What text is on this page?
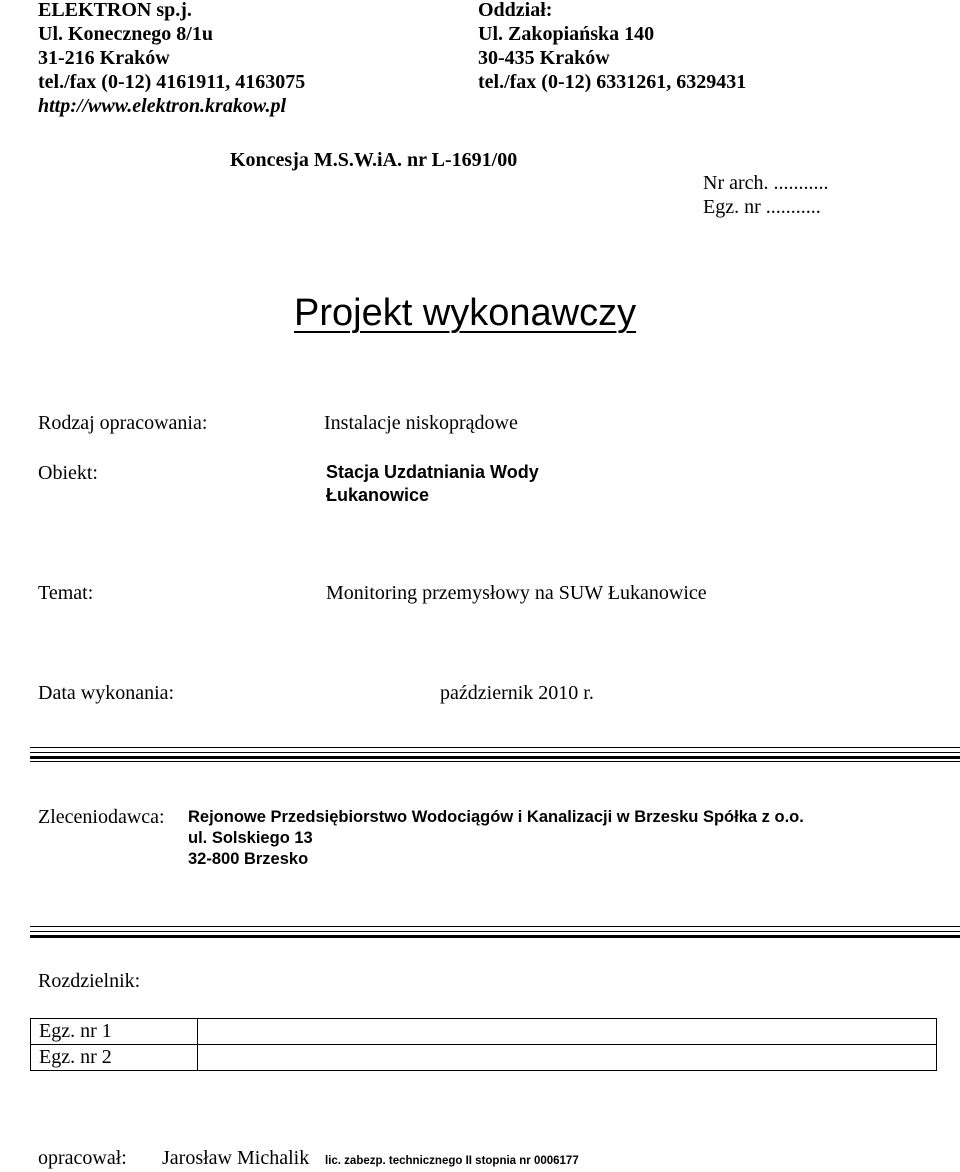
ELEKTRON sp.j.
Ul. Konecznego 8/1u
31-216 Kraków
tel./fax (0-12) 4161911, 4163075
http://www.elektron.krakow.pl
Oddział:
Ul. Zakopiańska 140
30-435 Kraków
tel./fax (0-12) 6331261, 6329431
Koncesja M.S.W.iA. nr L-1691/00
Nr arch. ...........
Egz. nr ...........
Projekt wykonawczy
Rodzaj opracowania:	Instalacje niskoprądowe
Obiekt:	Stacja Uzdatniania Wody
Łukanowice
Temat:	Monitoring przemysłowy na SUW Łukanowice
Data wykonania:	październik 2010 r.
Zleceniodawca: Rejonowe Przedsiębiorstwo Wodociągów i Kanalizacji w Brzesku Spółka z o.o.
ul. Solskiego 13
32-800 Brzesko
Rozdzielnik:
Egz. nr 1	
Egz. nr 2	
opracował: Jarosław Michalik lic. zabezp. technicznego II stopnia nr 0006177
